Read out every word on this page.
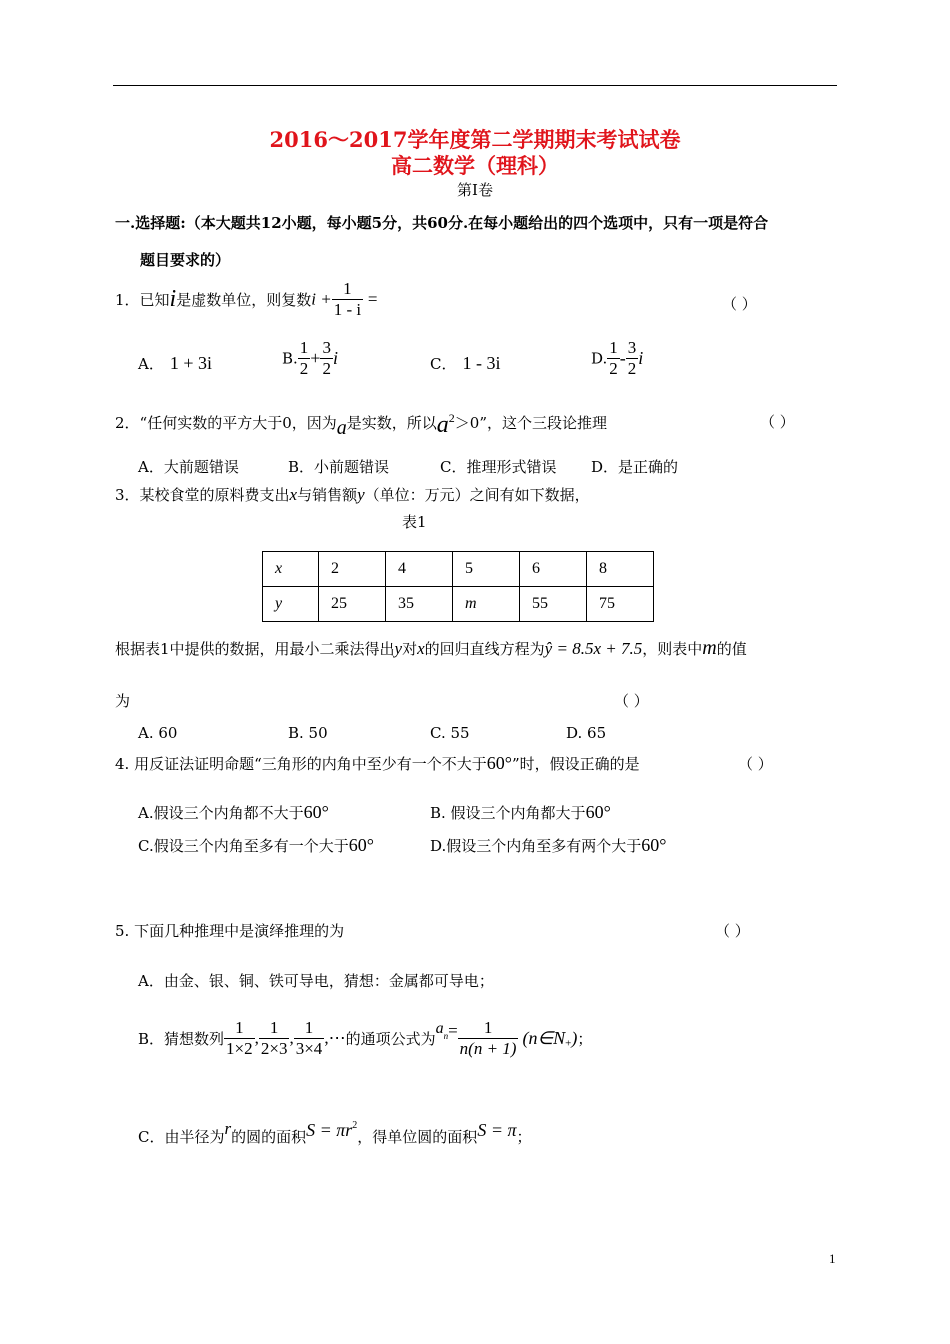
2016～2017学年度第二学期期末考试试卷
高二数学（理科）
第Ⅰ卷
一.选择题:（本大题共12小题，每小题5分，共60分.在每小题给出的四个选项中，只有一项是符合
题目要求的）
1．已知i是虚数单位，则复数$i + \frac{1}{1 - i}$ =	（ ）
A． 1 + 3i	B. $\frac{1}{2} + \frac{3}{2}$ i	C． 1 - 3i	D. $\frac{1}{2} - \frac{3}{2}$ i
2．“任何实数的平方大于0，因为a是实数，所以$a^2>0$”，这个三段论推理	（ ）
A．大前题错误	B．小前题错误	C．推理形式错误 D．是正确的
3．某校食堂的原料费支出x与销售额y（单位：万元）之间有如下数据，
表1
x	2	4	5	6	8
y	25	35	m	55	75
根据表1中提供的数据，用最小二乘法得出y对x的回归直线方程为ŷ = 8.5x + 7.5，则表中m的值
为	（ ）
A. 60	B. 50	C. 55	D. 65
4. 用反证法证明命题“三角形的内角中至少有一个不大于60°”时，假设正确的是	（ ）
A.假设三个内角都不大于60°	B. 假设三个内角都大于60°
C.假设三个内角至多有一个大于60°	D.假设三个内角至多有两个大于60°
5. 下面几种推理中是演绎推理的为	（ ）
A．由金、银、铜、铁可导电，猜想：金属都可导电；
B．猜想数列 $\frac{1}{1\times 2}$ , $\frac{1}{2\times 3}$ , $\frac{1}{3\times 4}$ ,⋯的通项公式为$a_n= \frac{1}{n(n + 1)}$ $(n\in N_+)$；
C．由半径为r的圆的面积$S = \pi r^2$，得单位圆的面积S = π；
1
